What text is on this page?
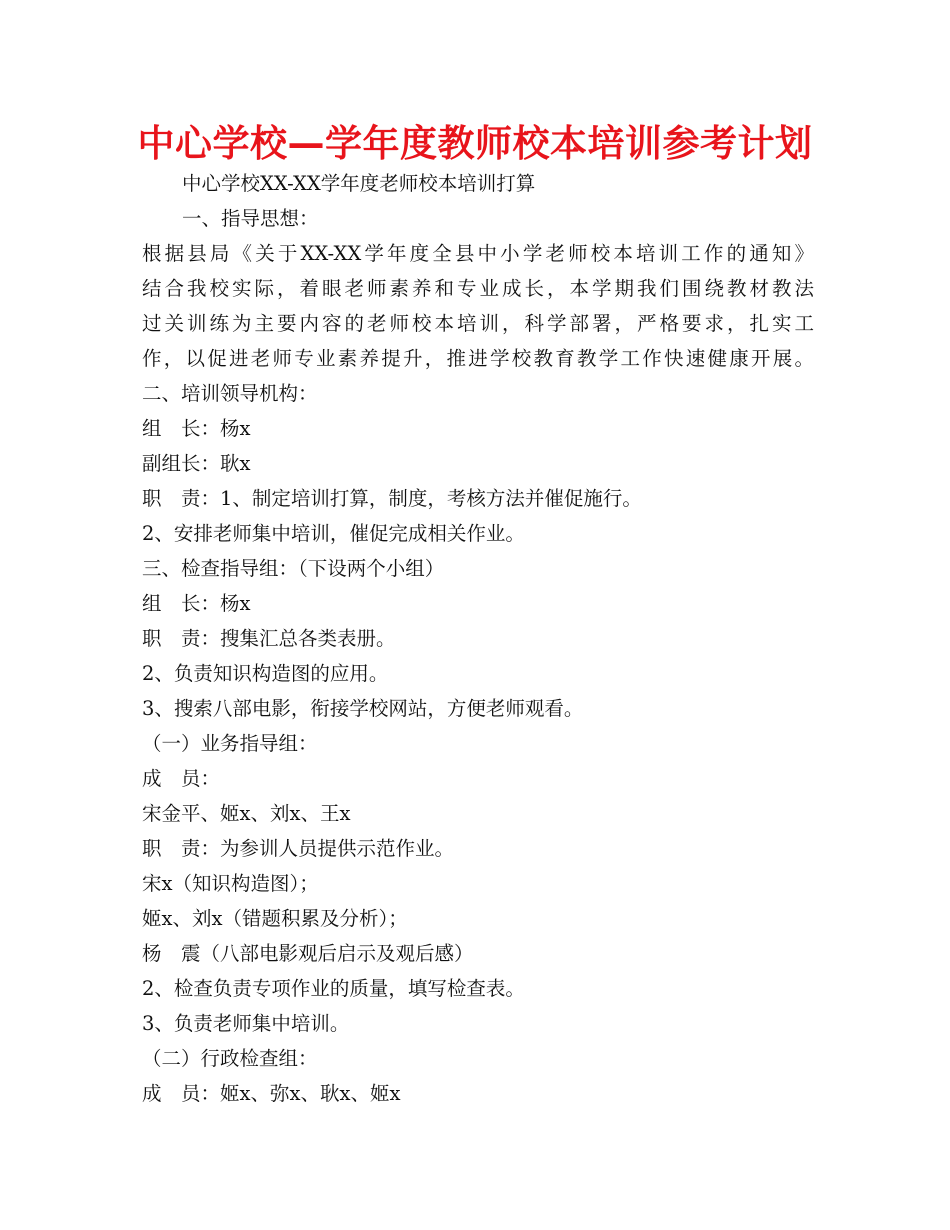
中心学校—学年度教师校本培训参考计划
中心学校XX-XX学年度老师校本培训打算
一、指导思想：
根据县局《关于XX-XX学年度全县中小学老师校本培训工作的通知》
结合我校实际，着眼老师素养和专业成长，本学期我们围绕教材教法
过关训练为主要内容的老师校本培训，科学部署，严格要求，扎实工
作，以促进老师专业素养提升，推进学校教育教学工作快速健康开展。
二、培训领导机构：
组　长：杨x
副组长：耿x
职　责：1、制定培训打算，制度，考核方法并催促施行。
2、安排老师集中培训，催促完成相关作业。
三、检查指导组：（下设两个小组）
组　长：杨x
职　责：搜集汇总各类表册。
2、负责知识构造图的应用。
3、搜索八部电影，衔接学校网站，方便老师观看。
（一）业务指导组：
成　员：
宋金平、姬x、刘x、王x
职　责：为参训人员提供示范作业。
宋x（知识构造图）；
姬x、刘x（错题积累及分析）；
杨　震（八部电影观后启示及观后感）
2、检查负责专项作业的质量，填写检查表。
3、负责老师集中培训。
（二）行政检查组：
成　员：姬x、弥x、耿x、姬x
